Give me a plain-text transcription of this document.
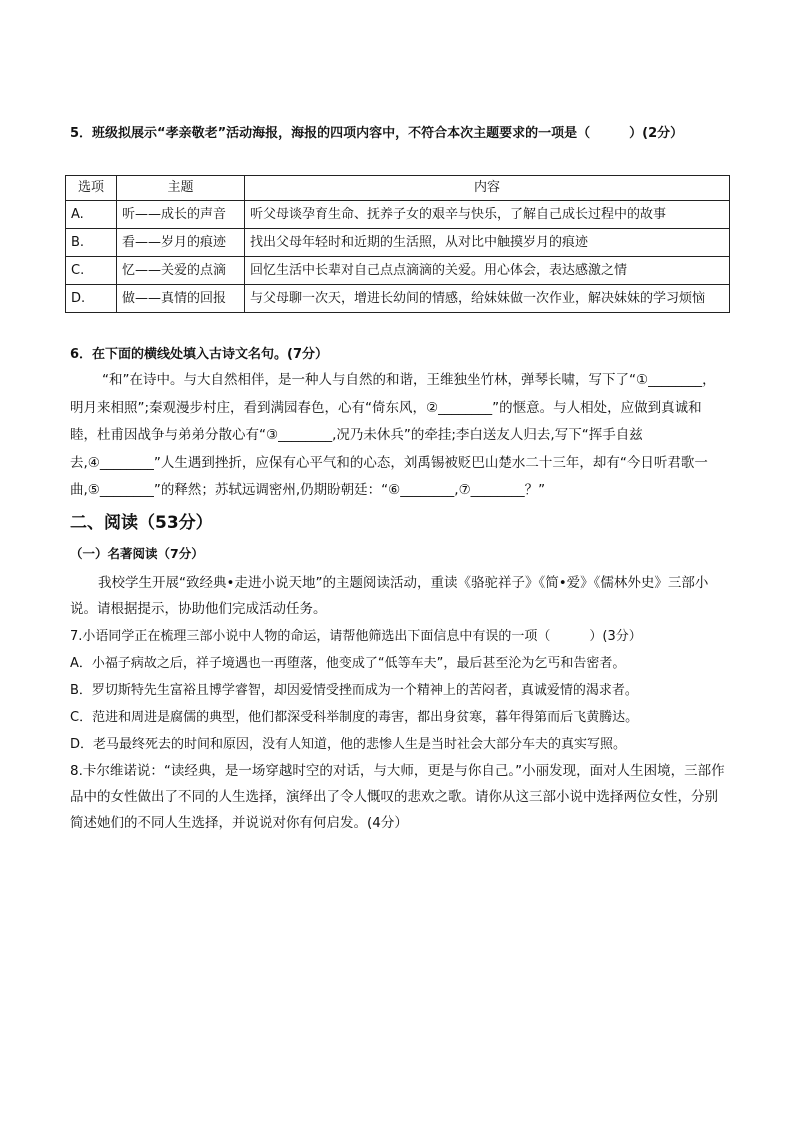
5．班级拟展示“孝亲敬老”活动海报，海报的四项内容中，不符合本次主题要求的一项是（　　　）(2分）
选项	主题	内容
A.	听——成长的声音	听父母谈孕育生命、抚养子女的艰辛与快乐，了解自己成长过程中的故事
B.	看——岁月的痕迹	找出父母年轻时和近期的生活照，从对比中触摸岁月的痕迹
C.	忆——关爱的点滴	回忆生活中长辈对自己点点滴滴的关爱。用心体会，表达感激之情
D.	做——真情的回报	与父母聊一次天，增进长幼间的情感，给妹妹做一次作业，解决妹妹的学习烦恼
6．在下面的横线处填入古诗文名句。(7分）

“和”在诗中。与大自然相伴，是一种人与自然的和谐，王维独坐竹林，弹琴长啸，写下了“①________，明月来相照”;秦观漫步村庄，看到满园春色，心有“倚东风，②________”的惬意。与人相处，应做到真诚和睦，杜甫因战争与弟弟分散心有“③________,况乃未休兵”的牵挂;李白送友人归去,写下“挥手自兹去,④________”人生遇到挫折，应保有心平气和的心态，刘禹锡被贬巴山楚水二十三年，却有“今日听君歌一曲,⑤________”的释然；苏轼远调密州,仍期盼朝廷：“⑥________,⑦________？”

二、阅读（53分）
（一）名著阅读（7分）

我校学生开展“致经典•走进小说天地”的主题阅读活动，重读《骆驼祥子》《简•爱》《儒林外史》三部小说。请根据提示，协助他们完成活动任务。

7.小语同学正在梳理三部小说中人物的命运，请帮他筛选出下面信息中有误的一项（　　　）(3分）
A．小福子病故之后，祥子境遇也一再堕落，他变成了“低等车夫”，最后甚至沦为乞丐和告密者。
B．罗切斯特先生富裕且博学睿智，却因爱情受挫而成为一个精神上的苦闷者，真诚爱情的渴求者。
C．范进和周进是腐儒的典型，他们都深受科举制度的毒害，都出身贫寒，暮年得第而后飞黄腾达。
D．老马最终死去的时间和原因，没有人知道，他的悲惨人生是当时社会大部分车夫的真实写照。

8.卡尔维诺说：“读经典，是一场穿越时空的对话，与大师，更是与你自己。”小丽发现，面对人生困境，三部作品中的女性做出了不同的人生选择，演绎出了令人慨叹的悲欢之歌。请你从这三部小说中选择两位女性，分别简述她们的不同人生选择，并说说对你有何启发。(4分）
